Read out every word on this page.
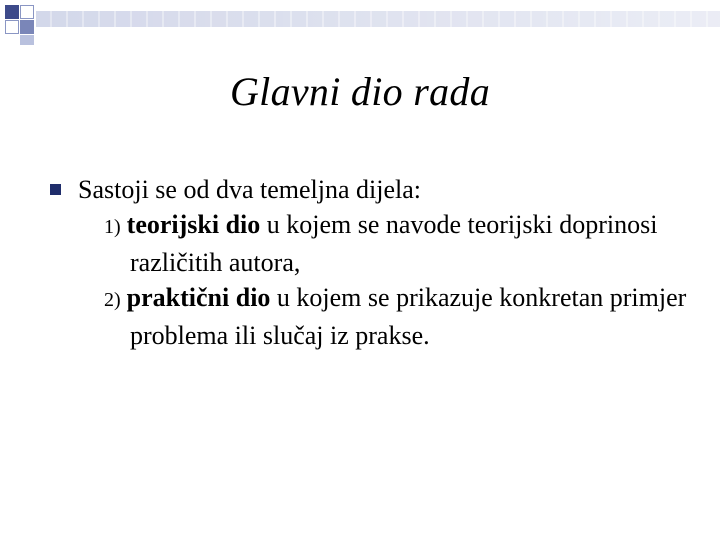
Glavni dio rada
Sastoji se od dva temeljna dijela:
1) teorijski dio u kojem se navode teorijski doprinosi različitih autora,
2) praktični dio u kojem se prikazuje konkretan primjer problema ili slučaj iz prakse.
